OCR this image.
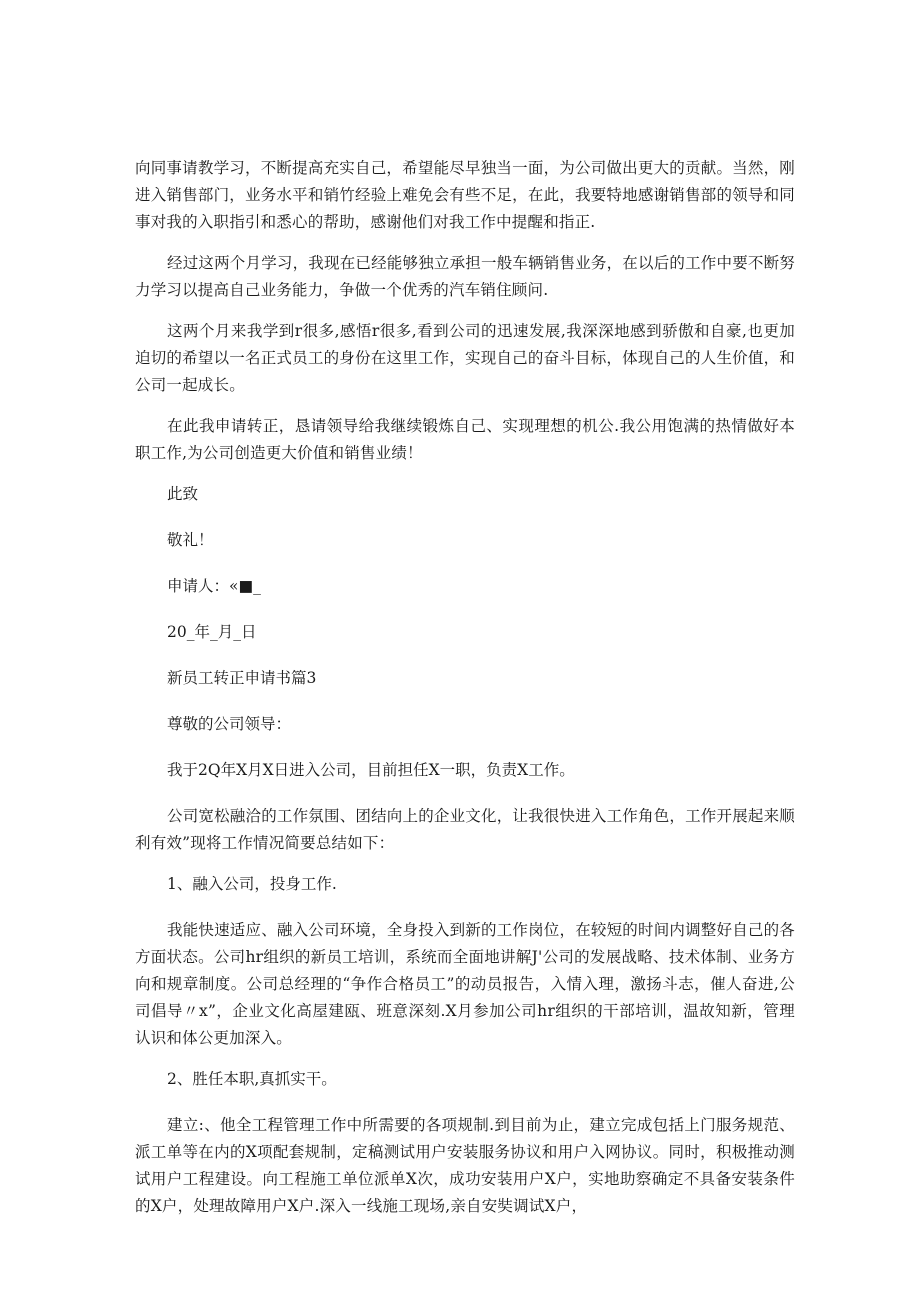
向同事请教学习，不断提高充实自己，希望能尽早独当一面，为公司做出更大的贡献。当然，刚进入销售部门，业务水平和销竹经验上难免会有些不足，在此，我要特地感谢销售部的领导和同事对我的入职指引和悉心的帮助，感谢他们对我工作中提醒和指正.

经过这两个月学习，我现在已经能够独立承担一般车辆销售业务，在以后的工作中要不断努力学习以提高自己业务能力，争做一个优秀的汽车销住顾问.

这两个月来我学到r很多,感悟r很多,看到公司的迅速发展,我深深地感到骄傲和自豪,也更加迫切的希望以一名正式员工的身份在这里工作，实现自己的奋斗目标，体现自己的人生价值，和公司一起成长。

在此我申请转正，恳请领导给我继续锻炼自己、实现理想的机公.我公用饱满的热情做好本职工作,为公司创造更大价值和销售业绩！

此致

敬礼！

申请人：«■_

20_年_月_日

新员工转正申请书篇3

尊敬的公司领导：

我于2Q年X月X日进入公司，目前担任X一职，负责X工作。

公司宽松融洽的工作氛围、团结向上的企业文化，让我很快进入工作角色，工作开展起来顺利有效”现将工作情况简要总结如下：

1、融入公司，投身工作.

我能快速适应、融入公司环境，全身投入到新的工作岗位，在较短的时间内调整好自己的各方面状态。公司hr组织的新员工培训，系统而全面地讲解J'公司的发展战略、技术体制、业务方向和规章制度。公司总经理的“争作合格员工”的动员报告，入情入理，激扬斗志，催人奋进,公司倡导〃x”，企业文化高屋建瓯、班意深刻.X月参加公司hr组织的干部培训，温故知新，管理认识和体公更加深入。

2、胜任本职,真抓实干。

建立:、他全工程管理工作中所需要的各项规制.到目前为止，建立完成包括上门服务规范、派工单等在内的X项配套规制，定稿测试用户安装服务协议和用户入网协议。同时，积极推动测试用户工程建设。向工程施工单位派单X次，成功安装用户X户，实地助察确定不具备安装条件的X户，处理故障用户X户.深入一线施工现场,亲自安奘调试X户，
